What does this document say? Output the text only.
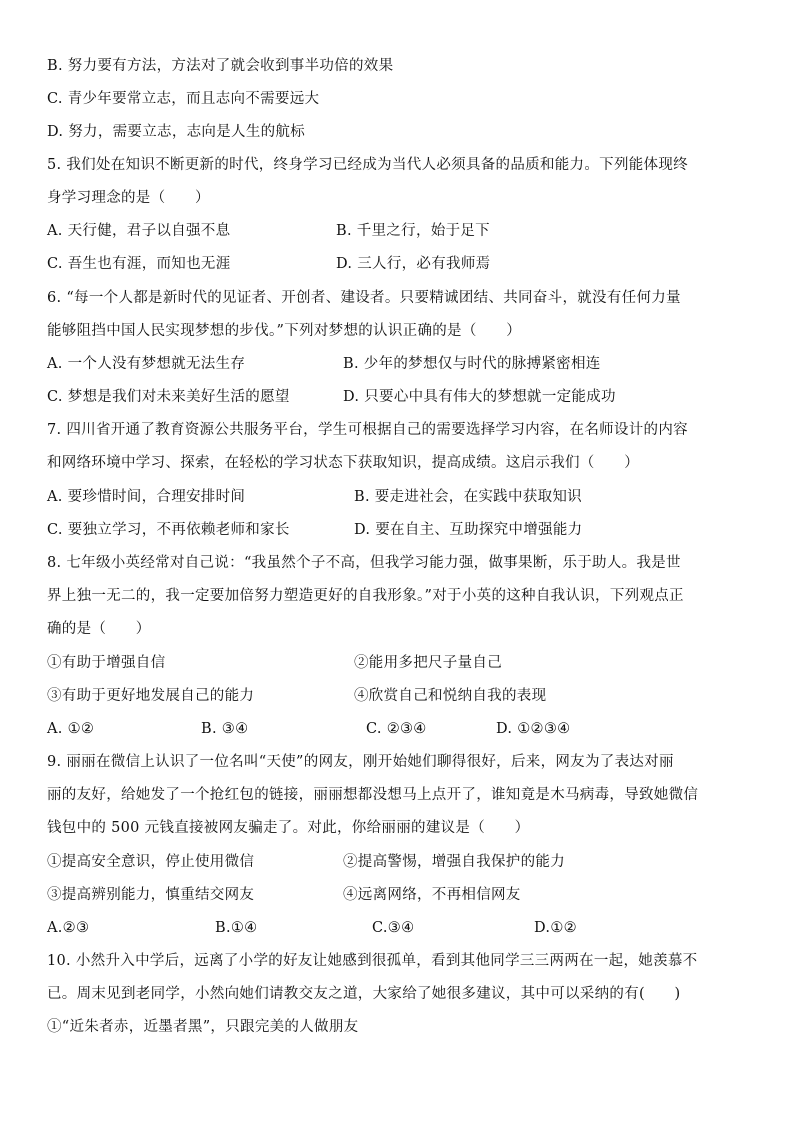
B. 努力要有方法，方法对了就会收到事半功倍的效果
C. 青少年要常立志，而且志向不需要远大
D. 努力，需要立志，志向是人生的航标
5. 我们处在知识不断更新的时代，终身学习已经成为当代人必须具备的品质和能力。下列能体现终
身学习理念的是（　　）
A. 天行健，君子以自强不息	B. 千里之行，始于足下
C. 吾生也有涯，而知也无涯	D. 三人行，必有我师焉
6. “每一个人都是新时代的见证者、开创者、建设者。只要精诚团结、共同奋斗，就没有任何力量
能够阻挡中国人民实现梦想的步伐。”下列对梦想的认识正确的是（　　）
A. 一个人没有梦想就无法生存	B. 少年的梦想仅与时代的脉搏紧密相连
C. 梦想是我们对未来美好生活的愿望	D. 只要心中具有伟大的梦想就一定能成功
7. 四川省开通了教育资源公共服务平台，学生可根据自己的需要选择学习内容，在名师设计的内容
和网络环境中学习、探索，在轻松的学习状态下获取知识，提高成绩。这启示我们（　　）
A. 要珍惜时间，合理安排时间	B. 要走进社会，在实践中获取知识
C. 要独立学习，不再依赖老师和家长	D. 要在自主、互助探究中增强能力
8. 七年级小英经常对自己说：“我虽然个子不高，但我学习能力强，做事果断，乐于助人。我是世
界上独一无二的，我一定要加倍努力塑造更好的自我形象。”对于小英的这种自我认识，下列观点正
确的是（　　）
①有助于增强自信	②能用多把尺子量自己
③有助于更好地发展自己的能力	④欣赏自己和悦纳自我的表现
A. ①②	B. ③④	C. ②③④	D. ①②③④
9. 丽丽在微信上认识了一位名叫“天使”的网友，刚开始她们聊得很好，后来，网友为了表达对丽
丽的友好，给她发了一个抢红包的链接，丽丽想都没想马上点开了，谁知竟是木马病毒，导致她微信
钱包中的 500 元钱直接被网友骗走了。对此，你给丽丽的建议是（　　）
①提高安全意识，停止使用微信	②提高警惕，增强自我保护的能力
③提高辨别能力，慎重结交网友	④远离网络，不再相信网友
A.②③	B.①④	C.③④	D.①②
10. 小然升入中学后，远离了小学的好友让她感到很孤单，看到其他同学三三两两在一起，她羡慕不
已。周末见到老同学，小然向她们请教交友之道，大家给了她很多建议，其中可以采纳的有(　　)
①“近朱者赤，近墨者黑”，只跟完美的人做朋友
